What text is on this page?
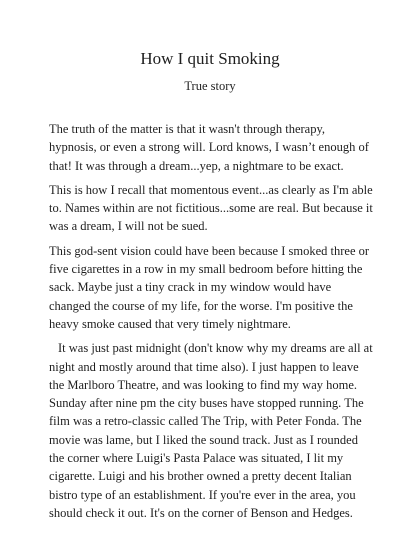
How I quit Smoking
True story

The truth of the matter is that it wasn't through therapy, hypnosis, or even a strong will. Lord knows, I wasn’t enough of that! It was through a dream...yep, a nightmare to be exact.

This is how I recall that momentous event...as clearly as I'm able to. Names within are not fictitious...some are real. But because it was a dream, I will not be sued.

This god-sent vision could have been because I smoked three or five cigarettes in a row in my small bedroom before hitting the sack. Maybe just a tiny crack in my window would have changed the course of my life, for the worse. I'm positive the heavy smoke caused that very timely nightmare.

It was just past midnight (don't know why my dreams are all at night and mostly around that time also). I just happen to leave the Marlboro Theatre, and was looking to find my way home. Sunday after nine pm the city buses have stopped running. The film was a retro-classic called The Trip, with Peter Fonda. The movie was lame, but I liked the sound track. Just as I rounded the corner where Luigi's Pasta Palace was situated, I lit my cigarette. Luigi and his brother owned a pretty decent Italian bistro type of an establishment. If you're ever in the area, you should check it out. It's on the corner of Benson and Hedges.
